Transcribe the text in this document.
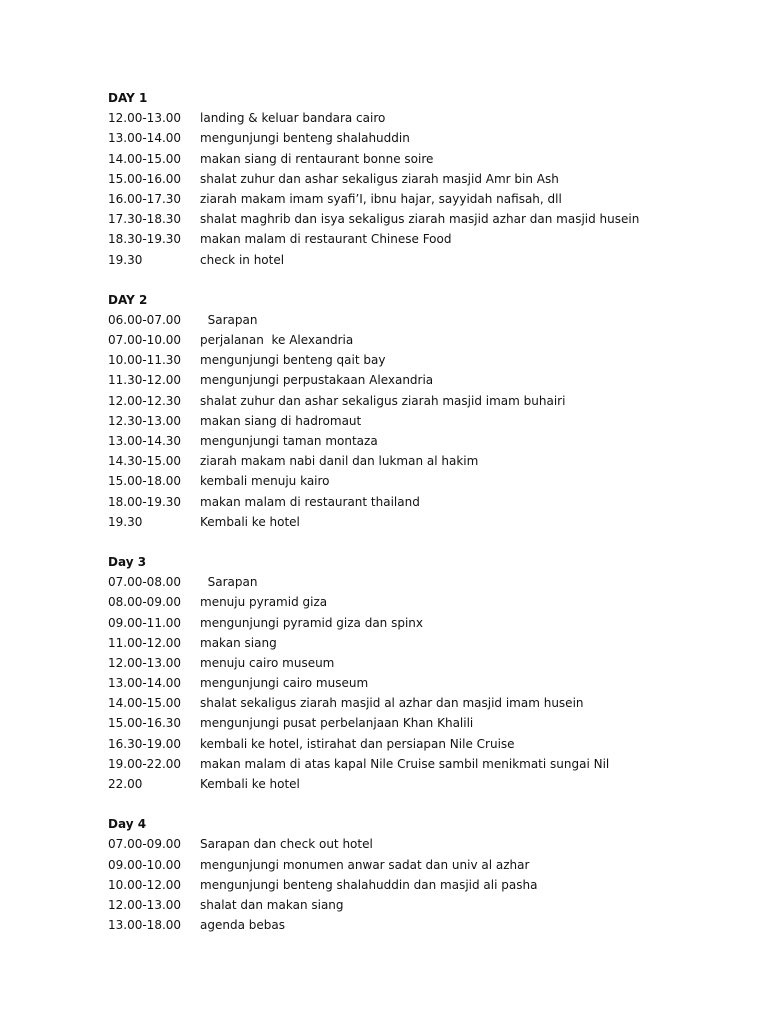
DAY 1
12.00-13.00	landing & keluar bandara cairo
13.00-14.00	mengunjungi benteng shalahuddin
14.00-15.00	makan siang di rentaurant bonne soire
15.00-16.00	shalat zuhur dan ashar sekaligus ziarah masjid Amr bin Ash
16.00-17.30	ziarah makam imam syafi’I, ibnu hajar, sayyidah nafisah, dll
17.30-18.30	shalat maghrib dan isya sekaligus ziarah masjid azhar dan masjid husein
18.30-19.30	makan malam di restaurant Chinese Food
19.30	check in hotel
DAY 2
06.00-07.00	Sarapan
07.00-10.00	perjalanan  ke Alexandria
10.00-11.30	mengunjungi benteng qait bay
11.30-12.00	mengunjungi perpustakaan Alexandria
12.00-12.30	shalat zuhur dan ashar sekaligus ziarah masjid imam buhairi
12.30-13.00	makan siang di hadromaut
13.00-14.30	mengunjungi taman montaza
14.30-15.00	ziarah makam nabi danil dan lukman al hakim
15.00-18.00	kembali menuju kairo
18.00-19.30	makan malam di restaurant thailand
19.30	Kembali ke hotel
Day 3
07.00-08.00	Sarapan
08.00-09.00	menuju pyramid giza
09.00-11.00	mengunjungi pyramid giza dan spinx
11.00-12.00	makan siang
12.00-13.00	menuju cairo museum
13.00-14.00	mengunjungi cairo museum
14.00-15.00	shalat sekaligus ziarah masjid al azhar dan masjid imam husein
15.00-16.30	mengunjungi pusat perbelanjaan Khan Khalili
16.30-19.00	kembali ke hotel, istirahat dan persiapan Nile Cruise
19.00-22.00	makan malam di atas kapal Nile Cruise sambil menikmati sungai Nil
22.00	Kembali ke hotel
Day 4
07.00-09.00	Sarapan dan check out hotel
09.00-10.00	mengunjungi monumen anwar sadat dan univ al azhar
10.00-12.00	mengunjungi benteng shalahuddin dan masjid ali pasha
12.00-13.00	shalat dan makan siang
13.00-18.00	agenda bebas
